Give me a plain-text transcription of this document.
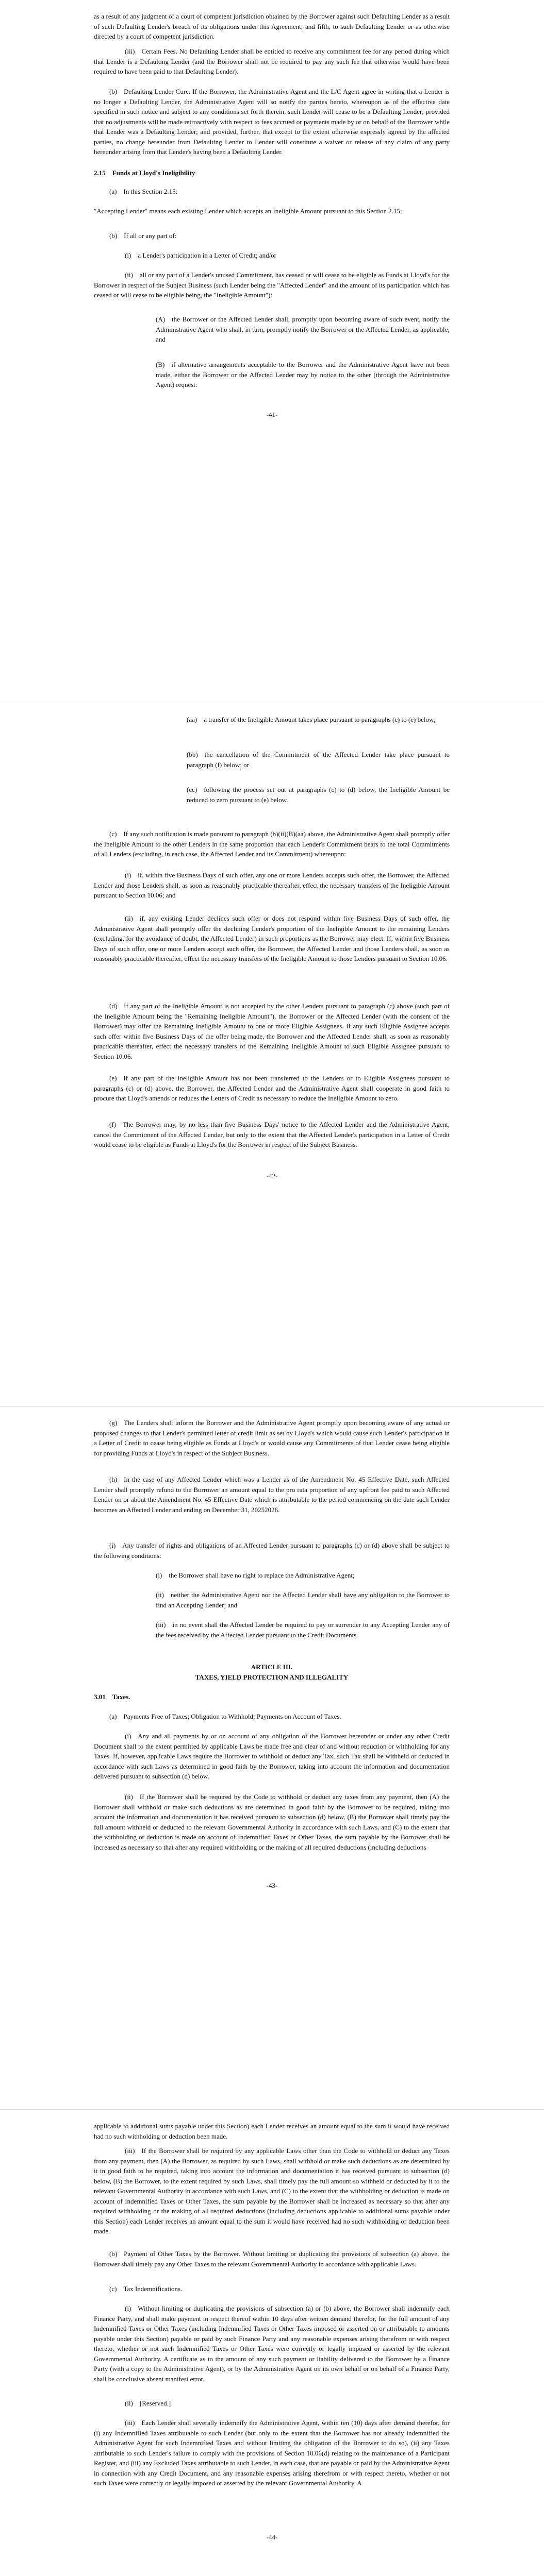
as a result of any judgment of a court of competent jurisdiction obtained by the Borrower against such Defaulting Lender as a result of such Defaulting Lender's breach of its obligations under this Agreement; and fifth, to such Defaulting Lender or as otherwise directed by a court of competent jurisdiction.

(iii) Certain Fees. No Defaulting Lender shall be entitled to receive any commitment fee for any period during which that Lender is a Defaulting Lender (and the Borrower shall not be required to pay any such fee that otherwise would have been required to have been paid to that Defaulting Lender).

(b) Defaulting Lender Cure. If the Borrower, the Administrative Agent and the L/C Agent agree in writing that a Lender is no longer a Defaulting Lender, the Administrative Agent will so notify the parties hereto, whereupon as of the effective date specified in such notice and subject to any conditions set forth therein, such Lender will cease to be a Defaulting Lender; provided that no adjustments will be made retroactively with respect to fees accrued or payments made by or on behalf of the Borrower while that Lender was a Defaulting Lender; and provided, further, that except to the extent otherwise expressly agreed by the affected parties, no change hereunder from Defaulting Lender to Lender will constitute a waiver or release of any claim of any party hereunder arising from that Lender's having been a Defaulting Lender.

2.15 Funds at Lloyd's Ineligibility

(a) In this Section 2.15:

"Accepting Lender" means each existing Lender which accepts an Ineligible Amount pursuant to this Section 2.15;

(b) If all or any part of:

(i) a Lender's participation in a Letter of Credit; and/or

(ii) all or any part of a Lender's unused Commitment, has ceased or will cease to be eligible as Funds at Lloyd's for the Borrower in respect of the Subject Business (such Lender being the "Affected Lender" and the amount of its participation which has ceased or will cease to be eligible being, the "Ineligible Amount"):

(A) the Borrower or the Affected Lender shall, promptly upon becoming aware of such event, notify the Administrative Agent who shall, in turn, promptly notify the Borrower or the Affected Lender, as applicable; and

(B) if alternative arrangements acceptable to the Borrower and the Administrative Agent have not been made, either the Borrower or the Affected Lender may by notice to the other (through the Administrative Agent) request:

-41-

(aa) a transfer of the Ineligible Amount takes place pursuant to paragraphs (c) to (e) below;

(bb) the cancellation of the Commitment of the Affected Lender take place pursuant to paragraph (f) below; or

(cc) following the process set out at paragraphs (c) to (d) below, the Ineligible Amount be reduced to zero pursuant to (e) below.

(c) If any such notification is made pursuant to paragraph (b)(ii)(B)(aa) above, the Administrative Agent shall promptly offer the Ineligible Amount to the other Lenders in the same proportion that each Lender's Commitment bears to the total Commitments of all Lenders (excluding, in each case, the Affected Lender and its Commitment) whereupon:

(i) if, within five Business Days of such offer, any one or more Lenders accepts such offer, the Borrower, the Affected Lender and those Lenders shall, as soon as reasonably practicable thereafter, effect the necessary transfers of the Ineligible Amount pursuant to Section 10.06; and

(ii) if, any existing Lender declines such offer or does not respond within five Business Days of such offer, the Administrative Agent shall promptly offer the declining Lender's proportion of the Ineligible Amount to the remaining Lenders (excluding, for the avoidance of doubt, the Affected Lender) in such proportions as the Borrower may elect. If, within five Business Days of such offer, one or more Lenders accept such offer, the Borrower, the Affected Lender and those Lenders shall, as soon as reasonably practicable thereafter, effect the necessary transfers of the Ineligible Amount to those Lenders pursuant to Section 10.06.

(d) If any part of the Ineligible Amount is not accepted by the other Lenders pursuant to paragraph (c) above (such part of the Ineligible Amount being the "Remaining Ineligible Amount"), the Borrower or the Affected Lender (with the consent of the Borrower) may offer the Remaining Ineligible Amount to one or more Eligible Assignees. If any such Eligible Assignee accepts such offer within five Business Days of the offer being made, the Borrower and the Affected Lender shall, as soon as reasonably practicable thereafter, effect the necessary transfers of the Remaining Ineligible Amount to such Eligible Assignee pursuant to Section 10.06.

(e) If any part of the Ineligible Amount has not been transferred to the Lenders or to Eligible Assignees pursuant to paragraphs (c) or (d) above, the Borrower, the Affected Lender and the Administrative Agent shall cooperate in good faith to procure that Lloyd's amends or reduces the Letters of Credit as necessary to reduce the Ineligible Amount to zero.

(f) The Borrower may, by no less than five Business Days' notice to the Affected Lender and the Administrative Agent, cancel the Commitment of the Affected Lender, but only to the extent that the Affected Lender's participation in a Letter of Credit would cease to be eligible as Funds at Lloyd's for the Borrower in respect of the Subject Business.

-42-

(g) The Lenders shall inform the Borrower and the Administrative Agent promptly upon becoming aware of any actual or proposed changes to that Lender's permitted letter of credit limit as set by Lloyd's which would cause such Lender's participation in a Letter of Credit to cease being eligible as Funds at Lloyd's or would cause any Commitments of that Lender cease being eligible for providing Funds at Lloyd's in respect of the Subject Business.

(h) In the case of any Affected Lender which was a Lender as of the Amendment No. 45 Effective Date, such Affected Lender shall promptly refund to the Borrower an amount equal to the pro rata proportion of any upfront fee paid to such Affected Lender on or about the Amendment No. 45 Effective Date which is attributable to the period commencing on the date such Lender becomes an Affected Lender and ending on December 31, 20252026.

(i) Any transfer of rights and obligations of an Affected Lender pursuant to paragraphs (c) or (d) above shall be subject to the following conditions:

(i) the Borrower shall have no right to replace the Administrative Agent;

(ii) neither the Administrative Agent nor the Affected Lender shall have any obligation to the Borrower to find an Accepting Lender; and

(iii) in no event shall the Affected Lender be required to pay or surrender to any Accepting Lender any of the fees received by the Affected Lender pursuant to the Credit Documents.

ARTICLE III.

TAXES, YIELD PROTECTION AND ILLEGALITY

3.01 Taxes.

(a) Payments Free of Taxes; Obligation to Withhold; Payments on Account of Taxes.

(i) Any and all payments by or on account of any obligation of the Borrower hereunder or under any other Credit Document shall to the extent permitted by applicable Laws be made free and clear of and without reduction or withholding for any Taxes. If, however, applicable Laws require the Borrower to withhold or deduct any Tax, such Tax shall be withheld or deducted in accordance with such Laws as determined in good faith by the Borrower, taking into account the information and documentation delivered pursuant to subsection (d) below.

(ii) If the Borrower shall be required by the Code to withhold or deduct any taxes from any payment, then (A) the Borrower shall withhold or make such deductions as are determined in good faith by the Borrower to be required, taking into account the information and documentation it has received pursuant to subsection (d) below, (B) the Borrower shall timely pay the full amount withheld or deducted to the relevant Governmental Authority in accordance with such Laws, and (C) to the extent that the withholding or deduction is made on account of Indemnified Taxes or Other Taxes, the sum payable by the Borrower shall be increased as necessary so that after any required withholding or the making of all required deductions (including deductions

-43-

applicable to additional sums payable under this Section) each Lender receives an amount equal to the sum it would have received had no such withholding or deduction been made.

(iii) If the Borrower shall be required by any applicable Laws other than the Code to withhold or deduct any Taxes from any payment, then (A) the Borrower, as required by such Laws, shall withhold or make such deductions as are determined by it in good faith to be required, taking into account the information and documentation it has received pursuant to subsection (d) below, (B) the Borrower, to the extent required by such Laws, shall timely pay the full amount so withheld or deducted by it to the relevant Governmental Authority in accordance with such Laws, and (C) to the extent that the withholding or deduction is made on account of Indemnified Taxes or Other Taxes, the sum payable by the Borrower shall be increased as necessary so that after any required withholding or the making of all required deductions (including deductions applicable to additional sums payable under this Section) each Lender receives an amount equal to the sum it would have received had no such withholding or deduction been made.

(b) Payment of Other Taxes by the Borrower. Without limiting or duplicating the provisions of subsection (a) above, the Borrower shall timely pay any Other Taxes to the relevant Governmental Authority in accordance with applicable Laws.

(c) Tax Indemnifications.

(i) Without limiting or duplicating the provisions of subsection (a) or (b) above, the Borrower shall indemnify each Finance Party, and shall make payment in respect thereof within 10 days after written demand therefor, for the full amount of any Indemnified Taxes or Other Taxes (including Indemnified Taxes or Other Taxes imposed or asserted on or attributable to amounts payable under this Section) payable or paid by such Finance Party and any reasonable expenses arising therefrom or with respect thereto, whether or not such Indemnified Taxes or Other Taxes were correctly or legally imposed or asserted by the relevant Governmental Authority. A certificate as to the amount of any such payment or liability delivered to the Borrower by a Finance Party (with a copy to the Administrative Agent), or by the Administrative Agent on its own behalf or on behalf of a Finance Party, shall be conclusive absent manifest error.

(ii) [Reserved.]

(iii) Each Lender shall severally indemnify the Administrative Agent, within ten (10) days after demand therefor, for (i) any Indemnified Taxes attributable to such Lender (but only to the extent that the Borrower has not already indemnified the Administrative Agent for such Indemnified Taxes and without limiting the obligation of the Borrower to do so), (ii) any Taxes attributable to such Lender's failure to comply with the provisions of Section 10.06(d) relating to the maintenance of a Participant Register, and (iii) any Excluded Taxes attributable to such Lender, in each case, that are payable or paid by the Administrative Agent in connection with any Credit Document, and any reasonable expenses arising therefrom or with respect thereto, whether or not such Taxes were correctly or legally imposed or asserted by the relevant Governmental Authority. A

-44-
